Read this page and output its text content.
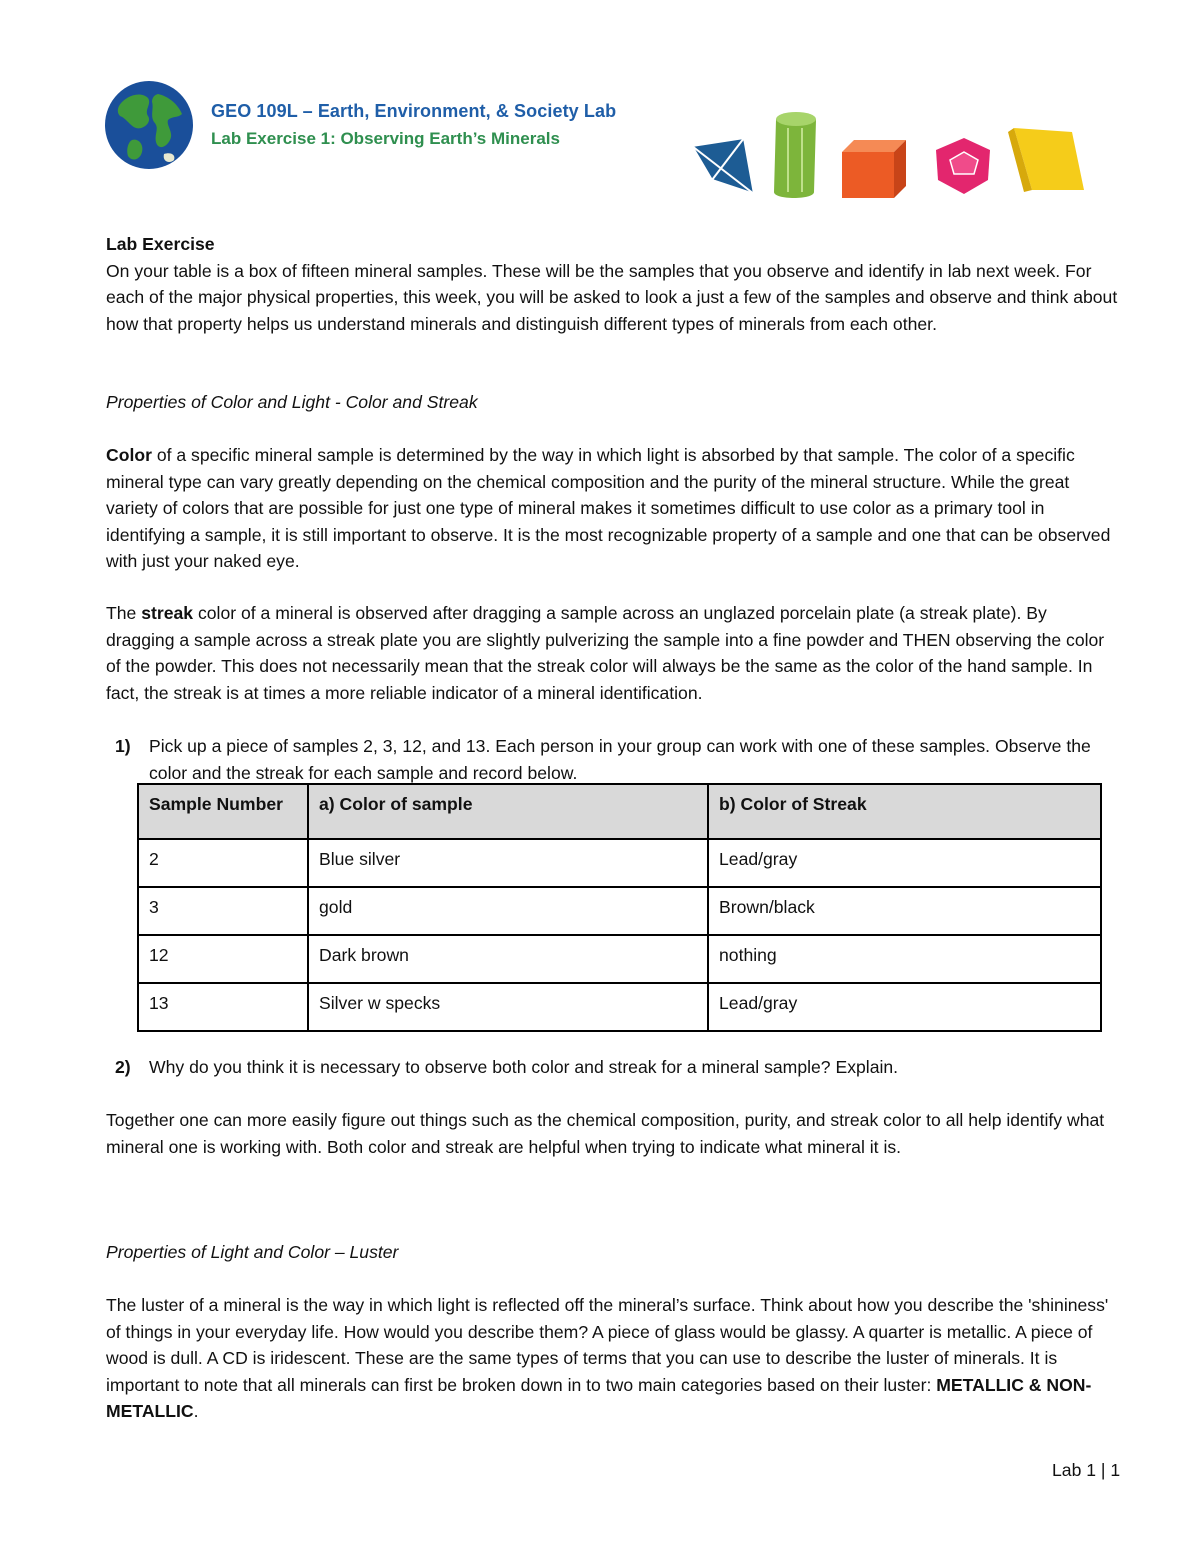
GEO 109L – Earth, Environment, & Society Lab
Lab Exercise 1: Observing Earth’s Minerals

Lab Exercise

On your table is a box of fifteen mineral samples. These will be the samples that you observe and identify in lab next week. For each of the major physical properties, this week, you will be asked to look a just a few of the samples and observe and think about how that property helps us understand minerals and distinguish different types of minerals from each other.

Properties of Color and Light - Color and Streak

Color of a specific mineral sample is determined by the way in which light is absorbed by that sample. The color of a specific mineral type can vary greatly depending on the chemical composition and the purity of the mineral structure. While the great variety of colors that are possible for just one type of mineral makes it sometimes difficult to use color as a primary tool in identifying a sample, it is still important to observe. It is the most recognizable property of a sample and one that can be observed with just your naked eye.

The streak color of a mineral is observed after dragging a sample across an unglazed porcelain plate (a streak plate). By dragging a sample across a streak plate you are slightly pulverizing the sample into a fine powder and THEN observing the color of the powder. This does not necessarily mean that the streak color will always be the same as the color of the hand sample. In fact, the streak is at times a more reliable indicator of a mineral identification.

1) Pick up a piece of samples 2, 3, 12, and 13. Each person in your group can work with one of these samples. Observe the color and the streak for each sample and record below.
Sample Number	a) Color of sample	b) Color of Streak
2	Blue silver	Lead/gray
3	gold	Brown/black
12	Dark brown	nothing
13	Silver w specks	Lead/gray
2) Why do you think it is necessary to observe both color and streak for a mineral sample? Explain.
Together one can more easily figure out things such as the chemical composition, purity, and streak color to all help identify what mineral one is working with. Both color and streak are helpful when trying to indicate what mineral it is.
Properties of Light and Color – Luster

The luster of a mineral is the way in which light is reflected off the mineral’s surface. Think about how you describe the 'shininess' of things in your everyday life. How would you describe them? A piece of glass would be glassy. A quarter is metallic. A piece of wood is dull. A CD is iridescent. These are the same types of terms that you can use to describe the luster of minerals. It is important to note that all minerals can first be broken down in to two main categories based on their luster: METALLIC & NON-METALLIC.

Lab 1 | 1
